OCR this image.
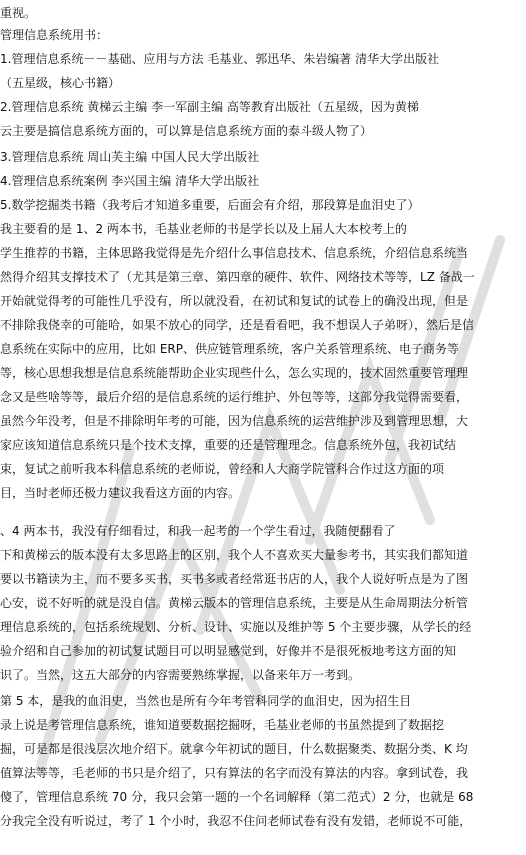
重视。
管理信息系统用书：
1.管理信息系统－－基础、应用与方法 毛基业、郭迅华、朱岩编著 清华大学出版社
（五星级，核心书籍）
2.管理信息系统 黄梯云主编 李一军副主编 高等教育出版社（五星级，因为黄梯
云主要是搞信息系统方面的，可以算是信息系统方面的泰斗级人物了）
3.管理信息系统 周山芙主编 中国人民大学出版社
4.管理信息系统案例 李兴国主编 清华大学出版社
5.数学挖掘类书籍（我考后才知道多重要，后面会有介绍，那段算是血泪史了）
我主要看的是 1、2 两本书，毛基业老师的书是学长以及上届人大本校考上的
学生推荐的书籍，主体思路我觉得是先介绍什么事信息技术、信息系统，介绍信息系统当
然得介绍其支撑技术了（尤其是第三章、第四章的硬件、软件、网络技术等等，LZ 备战一
开始就觉得考的可能性几乎没有，所以就没看，在初试和复试的试卷上的确没出现，但是
不排除我侥幸的可能哈，如果不放心的同学，还是看看吧，我不想误人子弟呀），然后是信
息系统在实际中的应用，比如 ERP、供应链管理系统，客户关系管理系统、电子商务等
等，核心思想我想是信息系统能帮助企业实现些什么，怎么实现的，技术固然重要管理理
念又是些啥等等，最后介绍的是信息系统的运行维护、外包等等，这部分我觉得需要看，
虽然今年没考，但是不排除明年考的可能，因为信息系统的运营维护涉及到管理思想，大
家应该知道信息系统只是个技术支撑，重要的还是管理理念。信息系统外包，我初试结
束，复试之前听我本科信息系统的老师说，曾经和人大商学院管科合作过这方面的项
目，当时老师还极力建议我看这方面的内容。
、4 两本书，我没有仔细看过，和我一起考的一个学生看过，我随便翻看了
下和黄梯云的版本没有太多思路上的区别，我个人不喜欢买大量参考书，其实我们都知道
要以书籍读为主，而不要多买书，买书多或者经常逛书店的人，我个人说好听点是为了图
心安，说不好听的就是没自信。黄梯云版本的管理信息系统，主要是从生命周期法分析管
理信息系统的，包括系统规划、分析、设计、实施以及维护等 5 个主要步骤，从学长的经
验介绍和自己参加的初试复试题目可以明显感觉到，好像并不是很死板地考这方面的知
识了。当然，这五大部分的内容需要熟练掌握，以备来年万一考到。
第 5 本，是我的血泪史，当然也是所有今年考管科同学的血泪史，因为招生目
录上说是考管理信息系统，谁知道要数据挖掘呀，毛基业老师的书虽然提到了数据挖
掘，可是都是很浅层次地介绍下。就拿今年初试的题目，什么数据聚类、数据分类、K 均
值算法等等，毛老师的书只是介绍了，只有算法的名字而没有算法的内容。拿到试卷，我
傻了，管理信息系统 70 分，我只会第一题的一个名词解释（第二范式）2 分，也就是 68
分我完全没有听说过，考了 1 个小时，我忍不住问老师试卷有没有发错，老师说不可能，
